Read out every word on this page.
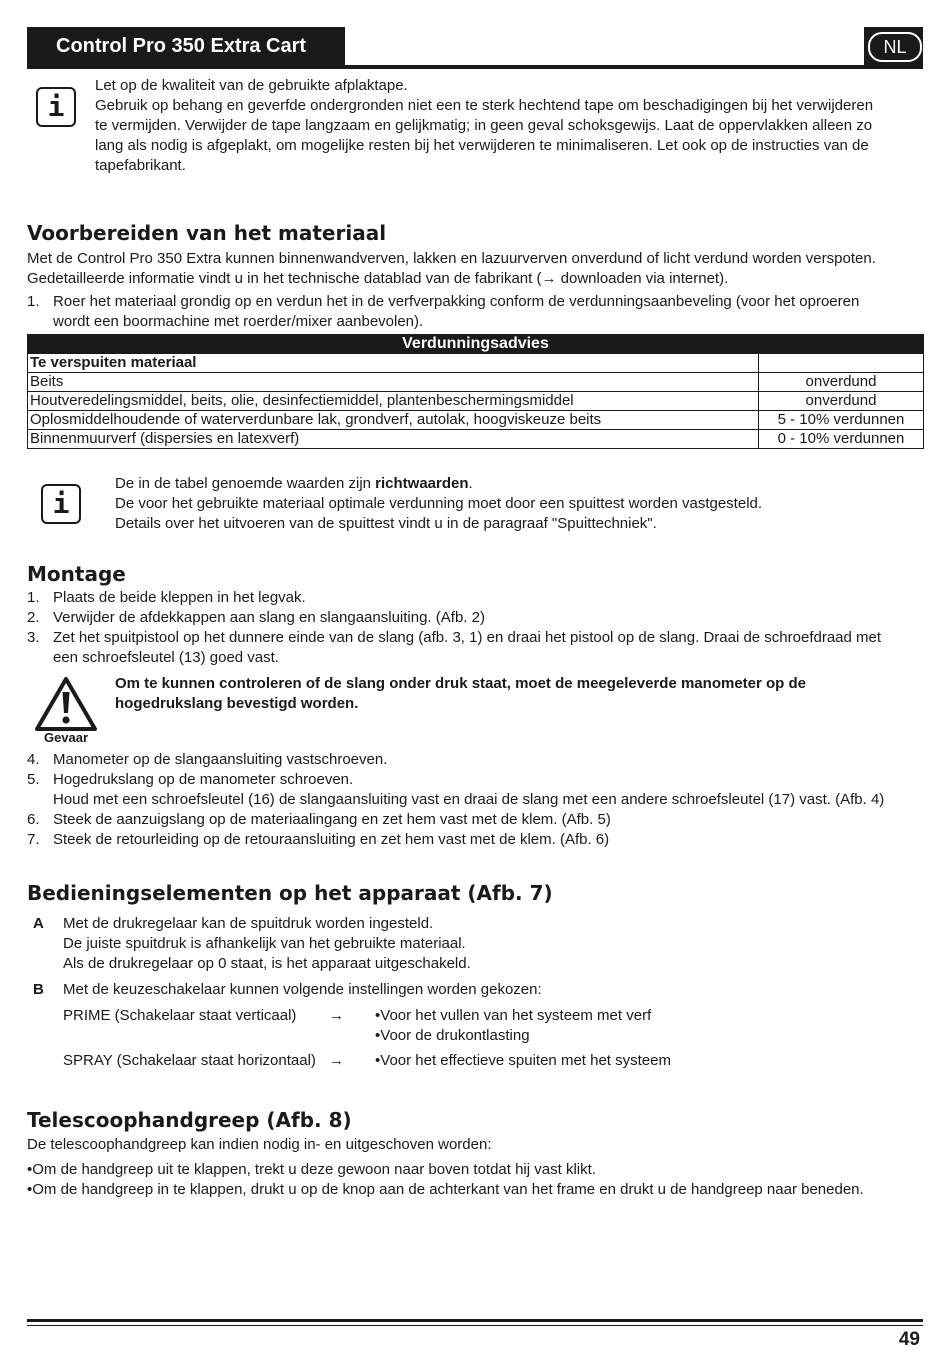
Control Pro 350 Extra Cart	NL
i
Let op de kwaliteit van de gebruikte afplaktape.
Gebruik op behang en geverfde ondergronden niet een te sterk hechtend tape om beschadigingen bij het verwijderen
te vermijden. Verwijder de tape langzaam en gelijkmatig; in geen geval schoksgewijs. Laat de oppervlakken alleen zo
lang als nodig is afgeplakt, om mogelijke resten bij het verwijderen te minimaliseren. Let ook op de instructies van de
tapefabrikant.
Voorbereiden van het materiaal
Met de Control Pro 350 Extra kunnen binnenwandverven, lakken en lazuurverven onverdund of licht verdund worden verspoten.
Gedetailleerde informatie vindt u in het technische datablad van de fabrikant (→ downloaden via internet).
1. Roer het materiaal grondig op en verdun het in de verfverpakking conform de verdunningsaanbeveling (voor het oproeren
wordt een boormachine met roerder/mixer aanbevolen).
Verdunningsadvies	
Te verspuiten materiaal	
Beits	onverdund
Houtveredelingsmiddel, beits, olie, desinfectiemiddel, plantenbeschermingsmiddel	onverdund
Oplosmiddelhoudende of waterverdunbare lak, grondverf, autolak, hoogviskeuze beits	5 - 10% verdunnen
Binnenmuurverf (dispersies en latexverf)	0 - 10% verdunnen
i
De in de tabel genoemde waarden zijn richtwaarden.
De voor het gebruikte materiaal optimale verdunning moet door een spuittest worden vastgesteld.
Details over het uitvoeren van de spuittest vindt u in de paragraaf "Spuittechniek".
Montage
1. Plaats de beide kleppen in het legvak.
2. Verwijder de afdekkappen aan slang en slangaansluiting. (Afb. 2)
3. Zet het spuitpistool op het dunnere einde van de slang (afb. 3, 1) en draai het pistool op de slang. Draai de schroefdraad met
een schroefsleutel (13) goed vast.
Gevaar
Om te kunnen controleren of de slang onder druk staat, moet de meegeleverde manometer op de
hogedrukslang bevestigd worden.
4. Manometer op de slangaansluiting vastschroeven.
5. Hogedrukslang op de manometer schroeven.
Houd met een schroefsleutel (16) de slangaansluiting vast en draai de slang met een andere schroefsleutel (17) vast. (Afb. 4)
6. Steek de aanzuigslang op de materiaalingang en zet hem vast met de klem. (Afb. 5)
7. Steek de retourleiding op de retouraansluiting en zet hem vast met de klem. (Afb. 6)
Bedieningselementen op het apparaat (Afb. 7)
A Met de drukregelaar kan de spuitdruk worden ingesteld.
De juiste spuitdruk is afhankelijk van het gebruikte materiaal.
Als de drukregelaar op 0 staat, is het apparaat uitgeschakeld.
B Met de keuzeschakelaar kunnen volgende instellingen worden gekozen:
PRIME (Schakelaar staat verticaal) → •Voor het vullen van het systeem met verf
•Voor de drukontlasting
SPRAY (Schakelaar staat horizontaal) → •Voor het effectieve spuiten met het systeem
Telescoophandgreep (Afb. 8)
De telescoophandgreep kan indien nodig in- en uitgeschoven worden:
•Om de handgreep uit te klappen, trekt u deze gewoon naar boven totdat hij vast klikt.
•Om de handgreep in te klappen, drukt u op de knop aan de achterkant van het frame en drukt u de handgreep naar beneden.
49
